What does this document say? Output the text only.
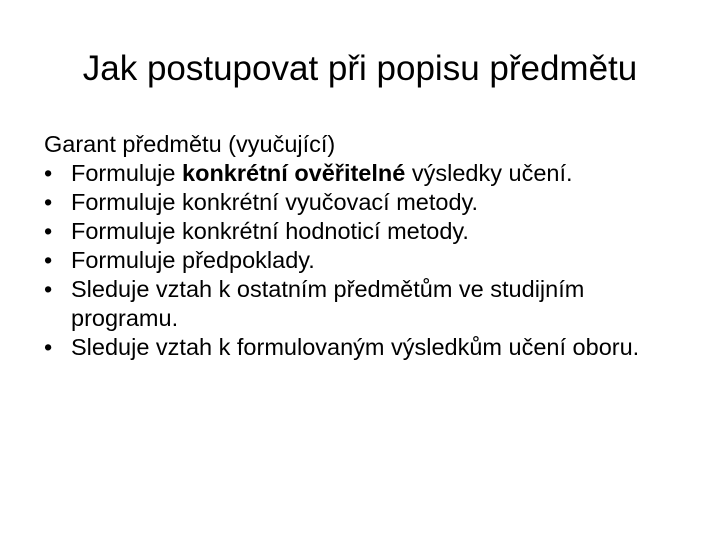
Jak postupovat při popisu předmětu

Garant předmětu (vyučující)

• Formuluje konkrétní ověřitelné výsledky učení.
• Formuluje konkrétní vyučovací metody.
• Formuluje konkrétní hodnoticí metody.
• Formuluje předpoklady.
• Sleduje vztah k ostatním předmětům ve studijním programu.
• Sleduje vztah k formulovaným výsledkům učení oboru.
